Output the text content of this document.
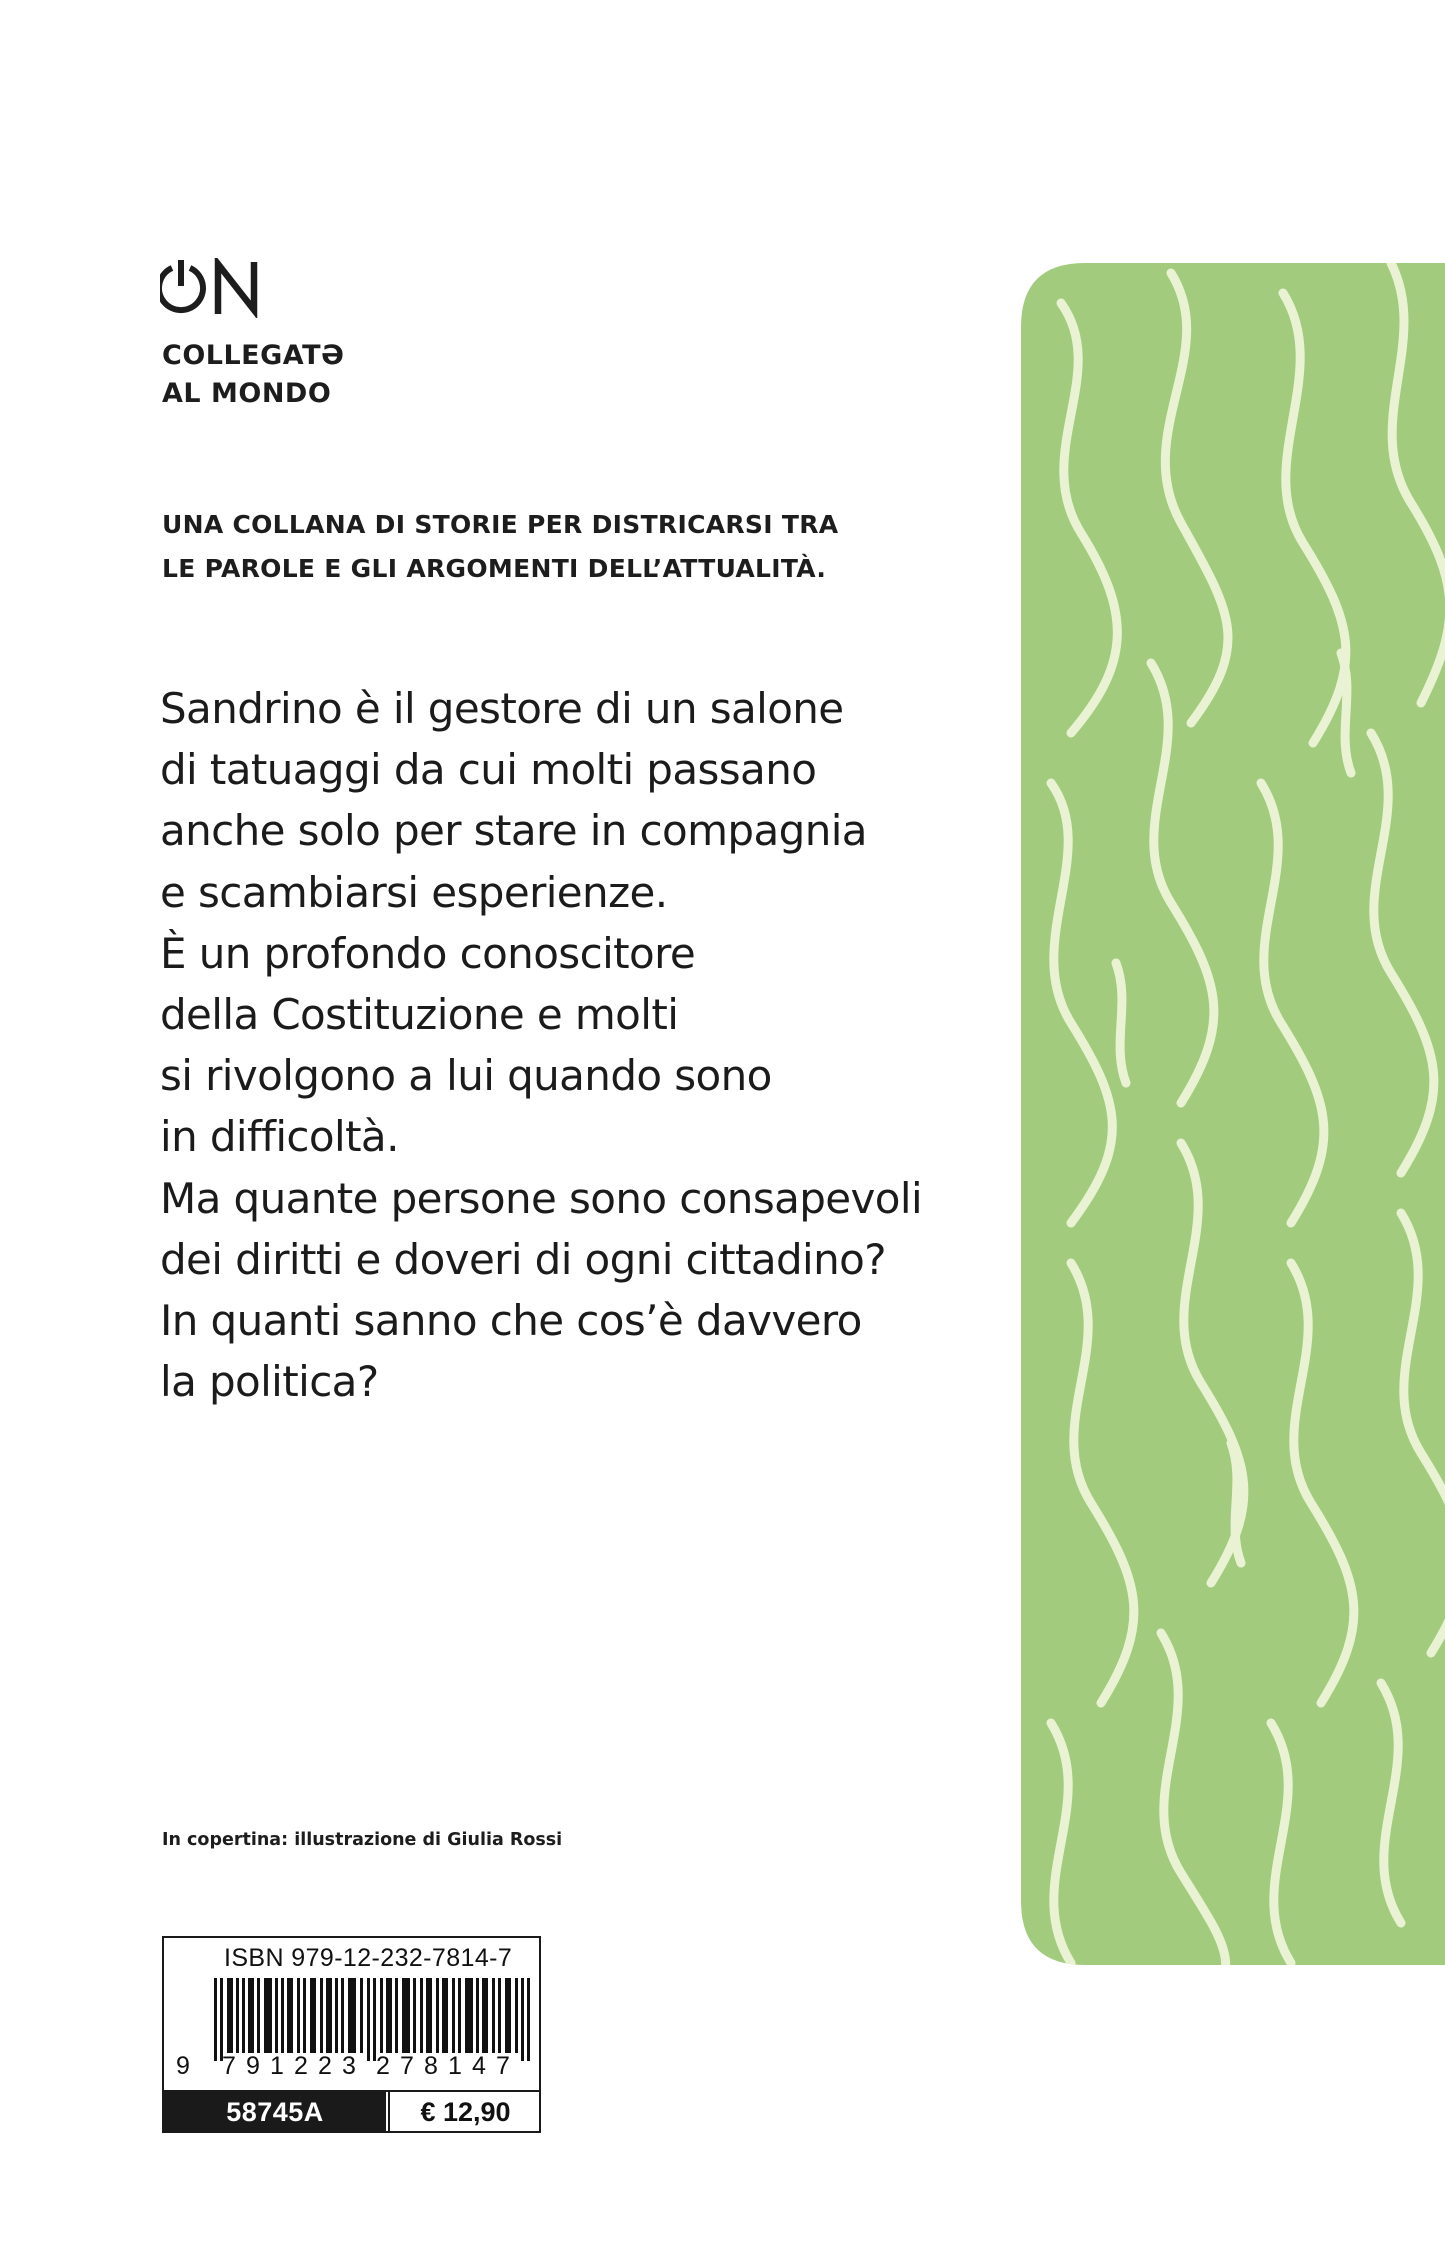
COLLEGATƏ
AL MONDO
UNA COLLANA DI STORIE PER DISTRICARSI TRA
LE PAROLE E GLI ARGOMENTI DELL’ATTUALITÀ.
Sandrino è il gestore di un salone
di tatuaggi da cui molti passano
anche solo per stare in compagnia
e scambiarsi esperienze.
È un profondo conoscitore
della Costituzione e molti
si rivolgono a lui quando sono
in difficoltà.
Ma quante persone sono consapevoli
dei diritti e doveri di ogni cittadino?
In quanti sanno che cos’è davvero
la politica?
In copertina: illustrazione di Giulia Rossi
ISBN 979-12-232-7814-7
9 7 9 1 2 2 3 2 7 8 1 4 7
58745A	€ 12,90
